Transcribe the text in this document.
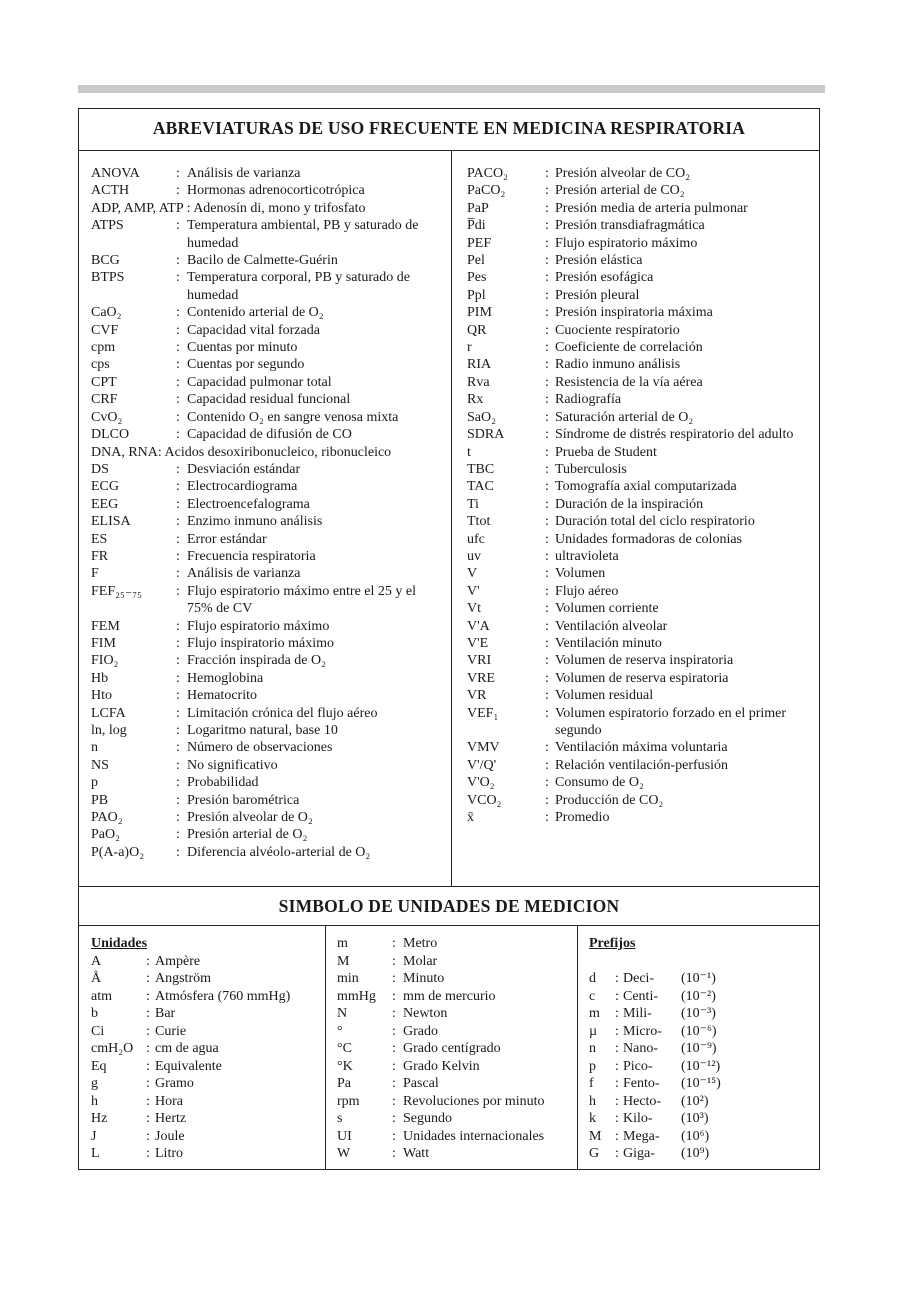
ABREVIATURAS DE USO FRECUENTE EN MEDICINA RESPIRATORIA
ANOVA	: Análisis de varianza
ACTH	: Hormonas adrenocorticotrópica
ADP, AMP, ATP : Adenosín di, mono y trifosfato
ATPS	: Temperatura ambiental, PB y saturado de humedad
BCG	: Bacilo de Calmette-Guérin
BTPS	: Temperatura corporal, PB y saturado de humedad
CaO₂	: Contenido arterial de O₂
CVF	: Capacidad vital forzada
cpm	: Cuentas por minuto
cps	: Cuentas por segundo
CPT	: Capacidad pulmonar total
CRF	: Capacidad residual funcional
CvO₂	: Contenido O₂ en sangre venosa mixta
DLCO	: Capacidad de difusión de CO
DNA, RNA: Acidos desoxiribonucleico, ribonucleico
DS	: Desviación estándar
ECG	: Electrocardiograma
EEG	: Electroencefalograma
ELISA	: Enzimo inmuno análisis
ES	: Error estándar
FR	: Frecuencia respiratoria
F	: Análisis de varianza
FEF₂₅₋₇₅	: Flujo espiratorio máximo entre el 25 y el 75% de CV
FEM	: Flujo espiratorio máximo
FIM	: Flujo inspiratorio máximo
FIO₂	: Fracción inspirada de O₂
Hb	: Hemoglobina
Hto	: Hematocrito
LCFA	: Limitación crónica del flujo aéreo
ln, log	: Logaritmo natural, base 10
n	: Número de observaciones
NS	: No significativo
p	: Probabilidad
PB	: Presión barométrica
PAO₂	: Presión alveolar de O₂
PaO₂	: Presión arterial de O₂
P(A-a)O₂	: Diferencia alvéolo-arterial de O₂
PACO₂	: Presión alveolar de CO₂
PaCO₂	: Presión arterial de CO₂
PaP	: Presión media de arteria pulmonar
P̅di	: Presión transdiafragmática
PEF	: Flujo espiratorio máximo
Pel	: Presión elástica
Pes	: Presión esofágica
Ppl	: Presión pleural
PIM	: Presión inspiratoria máxima
QR	: Cuociente respiratorio
r	: Coeficiente de correlación
RIA	: Radio inmuno análisis
Rva	: Resistencia de la vía aérea
Rx	: Radiografía
SaO₂	: Saturación arterial de O₂
SDRA	: Síndrome de distrés respiratorio del adulto
t	: Prueba de Student
TBC	: Tuberculosis
TAC	: Tomografía axial computarizada
Ti	: Duración de la inspiración
Ttot	: Duración total del ciclo respiratorio
ufc	: Unidades formadoras de colonias
uv	: ultravioleta
V	: Volumen
V'	: Flujo aéreo
Vt	: Volumen corriente
V'A	: Ventilación alveolar
V'E	: Ventilación minuto
VRI	: Volumen de reserva inspiratoria
VRE	: Volumen de reserva espiratoria
VR	: Volumen residual
VEF₁	: Volumen espiratorio forzado en el primer segundo
VMV	: Ventilación máxima voluntaria
V'/Q'	: Relación ventilación-perfusión
V'O₂	: Consumo de O₂
VCO₂	: Producción de CO₂
x̄	: Promedio
SIMBOLO DE UNIDADES DE MEDICION
Unidades
A	: Ampère
Å	: Angström
atm	: Atmósfera (760 mmHg)
b	: Bar
Ci	: Curie
cmH₂O : cm de agua
Eq	: Equivalente
g	: Gramo
h	: Hora
Hz	: Hertz
J	: Joule
L	: Litro
m	: Metro
M	: Molar
min	: Minuto
mmHg	: mm de mercurio
N	: Newton
°	: Grado
°C	: Grado centígrado
°K	: Grado Kelvin
Pa	: Pascal
rpm	: Revoluciones por minuto
s	: Segundo
UI	: Unidades internacionales
W	: Watt
Prefijos
d	: Deci-	(10⁻¹)
c	: Centi-	(10⁻²)
m	: Mili-	(10⁻³)
µ	: Micro-	(10⁻⁶)
n	: Nano-	(10⁻⁹)
p	: Pico-	(10⁻¹²)
f	: Fento-	(10⁻¹⁵)
h	: Hecto-	(10²)
k	: Kilo-	(10³)
M : Mega-	(10⁶)
G	: Giga-	(10⁹)
